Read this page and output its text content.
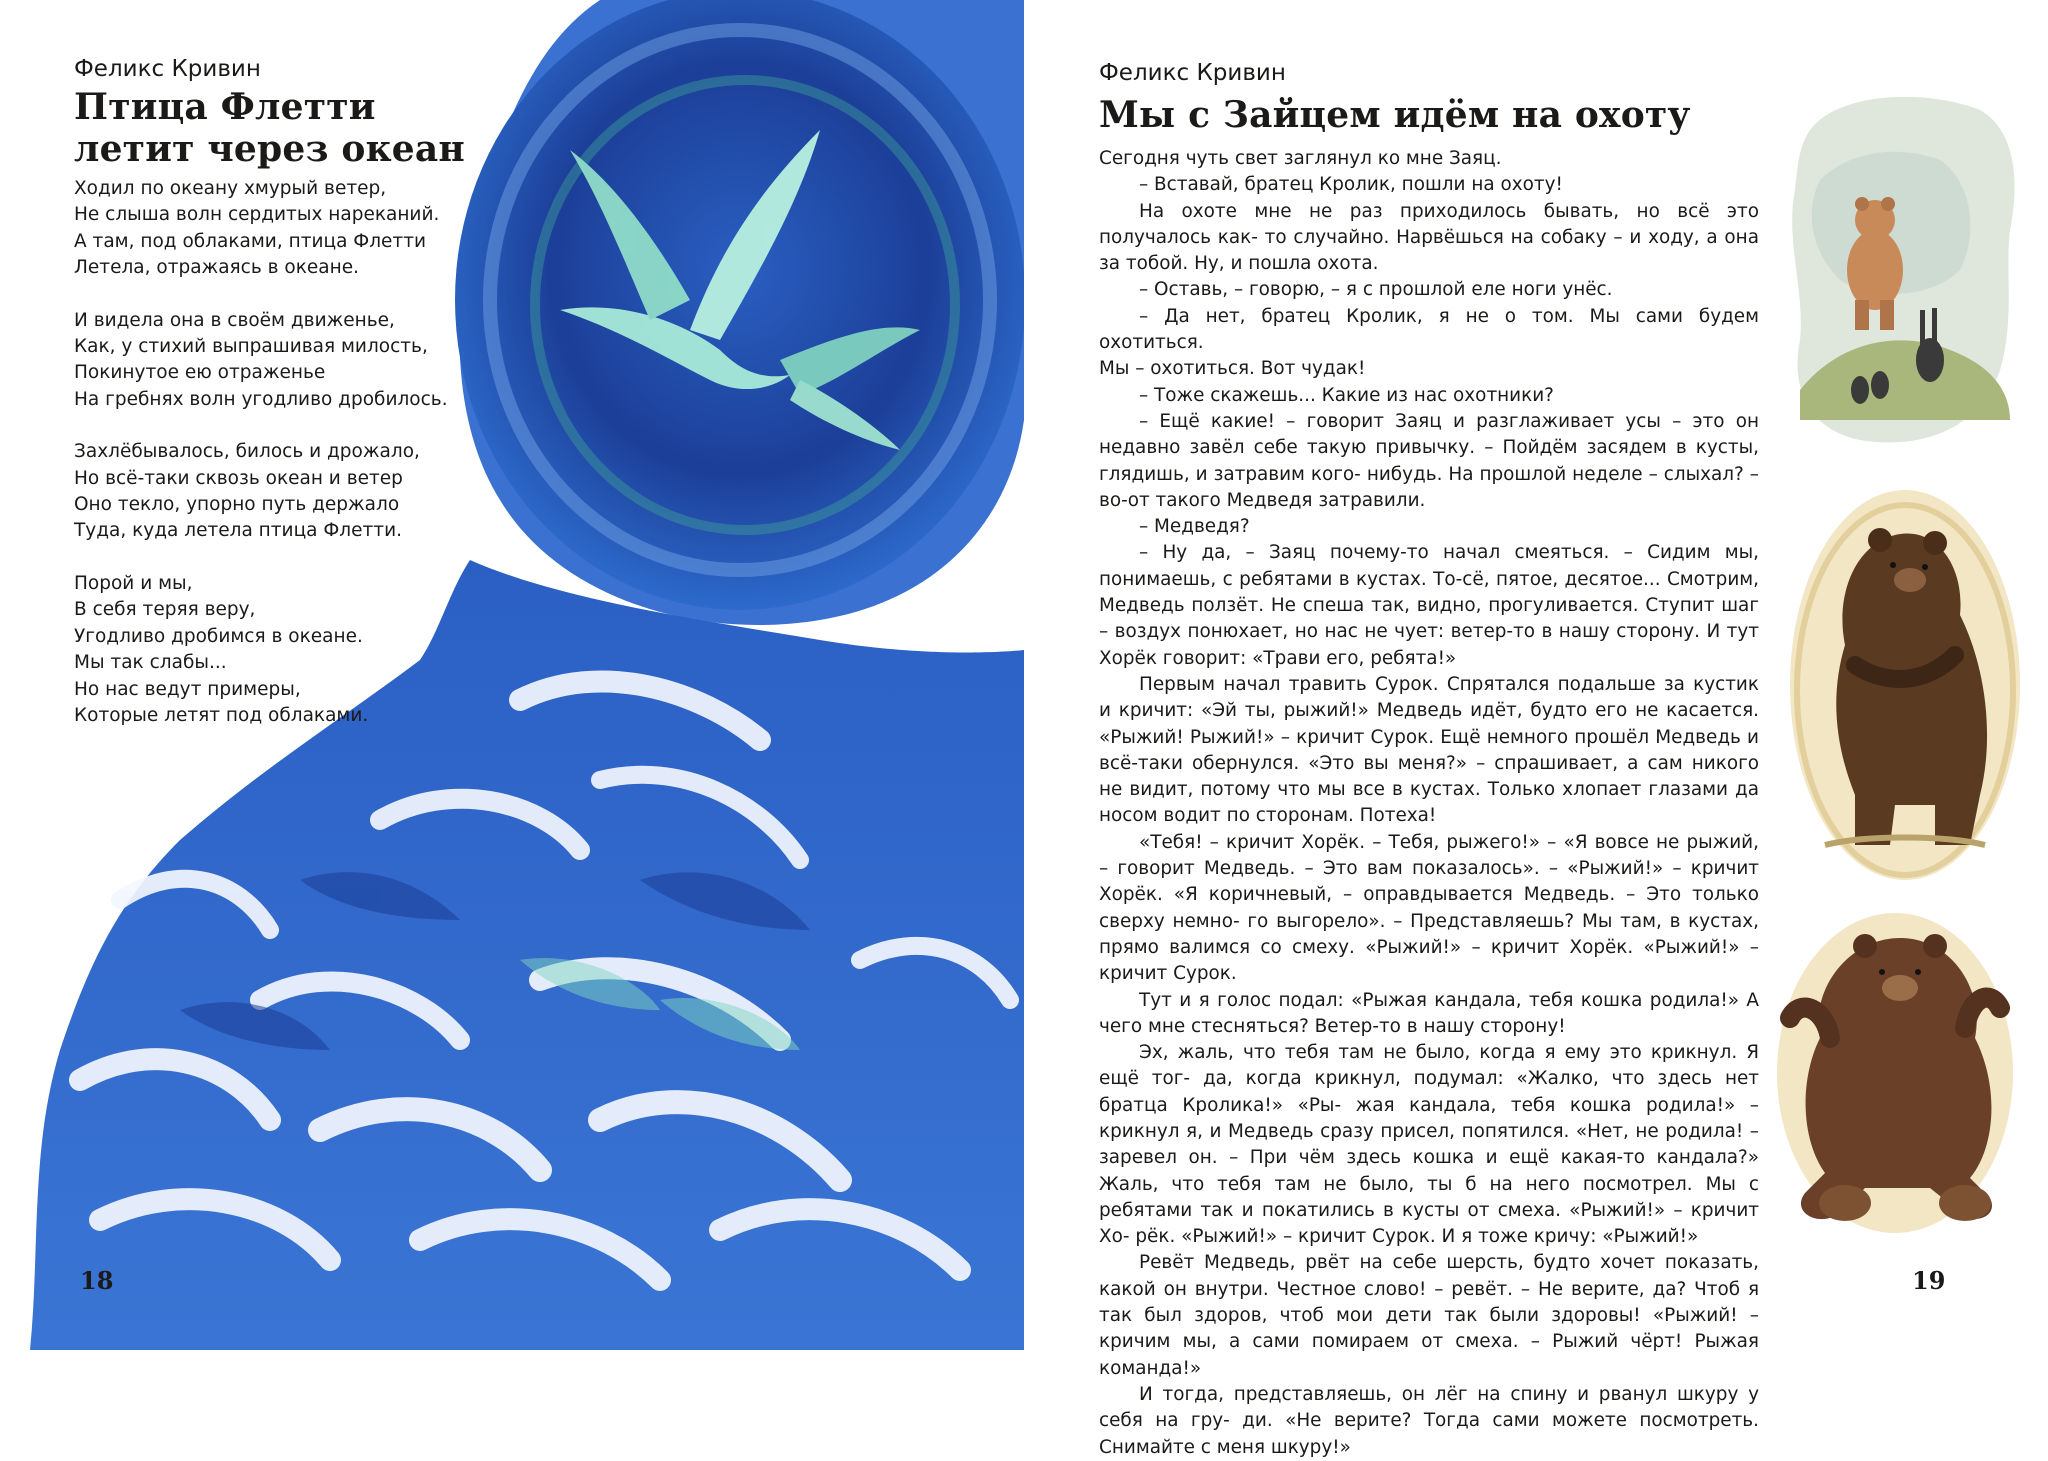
Феликс Кривин

Птица Флетти
летит через океан
Ходил по океану хмурый ветер,
Не слыша волн сердитых нареканий.
А там, под облаками, птица Флетти
Летела, отражаясь в океане.
И видела она в своём движенье,
Как, у стихий выпрашивая милость,
Покинутое ею отраженье
На гребнях волн угодливо дробилось.
Захлёбывалось, билось и дрожало,
Но всё-таки сквозь океан и ветер
Оно текло, упорно путь держало
Туда, куда летела птица Флетти.
Порой и мы,
В себя теряя веру,
Угодливо дробимся в океане.
Мы так слабы...
Но нас ведут примеры,
Которые летят под облаками.
18

Феликс Кривин

Мы с Зайцем идём на охоту

Сегодня чуть свет заглянул ко мне Заяц.

– Вставай, братец Кролик, пошли на охоту!

На охоте мне не раз приходилось бывать, но всё это получалось как- то случайно. Нарвёшься на собаку – и ходу, а она за тобой. Ну, и пошла охота.

– Оставь, – говорю, – я с прошлой еле ноги унёс.

– Да нет, братец Кролик, я не о том. Мы сами будем охотиться.

Мы – охотиться. Вот чудак!

– Тоже скажешь... Какие из нас охотники?

– Ещё какие! – говорит Заяц и разглаживает усы – это он недавно завёл себе такую привычку. – Пойдём засядем в кусты, глядишь, и затравим кого- нибудь. На прошлой неделе – слыхал? – во-от такого Медведя затравили.

– Медведя?

– Ну да, – Заяц почему-то начал смеяться. – Сидим мы, понимаешь, с ребятами в кустах. То-сё, пятое, десятое... Смотрим, Медведь ползёт. Не спеша так, видно, прогуливается. Ступит шаг – воздух понюхает, но нас не чует: ветер-то в нашу сторону. И тут Хорёк говорит: «Трави его, ребята!»

Первым начал травить Сурок. Спрятался подальше за кустик и кричит: «Эй ты, рыжий!» Медведь идёт, будто его не касается. «Рыжий! Рыжий!» – кричит Сурок. Ещё немного прошёл Медведь и всё-таки обернулся. «Это вы меня?» – спрашивает, а сам никого не видит, потому что мы все в кустах. Только хлопает глазами да носом водит по сторонам. Потеха!

«Тебя! – кричит Хорёк. – Тебя, рыжего!» – «Я вовсе не рыжий, – говорит Медведь. – Это вам показалось». – «Рыжий!» – кричит Хорёк. «Я коричневый, – оправдывается Медведь. – Это только сверху немно- го выгорело». – Представляешь? Мы там, в кустах, прямо валимся со смеху. «Рыжий!» – кричит Хорёк. «Рыжий!» – кричит Сурок.

Тут и я голос подал: «Рыжая кандала, тебя кошка родила!» А чего мне стесняться? Ветер-то в нашу сторону!

Эх, жаль, что тебя там не было, когда я ему это крикнул. Я ещё тог- да, когда крикнул, подумал: «Жалко, что здесь нет братца Кролика!» «Ры- жая кандала, тебя кошка родила!» – крикнул я, и Медведь сразу присел, попятился. «Нет, не родила! – заревел он. – При чём здесь кошка и ещё какая-то кандала?» Жаль, что тебя там не было, ты б на него посмотрел. Мы с ребятами так и покатились в кусты от смеха. «Рыжий!» – кричит Хо- рёк. «Рыжий!» – кричит Сурок. И я тоже кричу: «Рыжий!»

Ревёт Медведь, рвёт на себе шерсть, будто хочет показать, какой он внутри. Честное слово! – ревёт. – Не верите, да? Чтоб я так был здоров, чтоб мои дети так были здоровы! «Рыжий! – кричим мы, а сами помираем от смеха. – Рыжий чёрт! Рыжая команда!»

И тогда, представляешь, он лёг на спину и рванул шкуру у себя на гру- ди. «Не верите? Тогда сами можете посмотреть. Снимайте с меня шкуру!»

19
